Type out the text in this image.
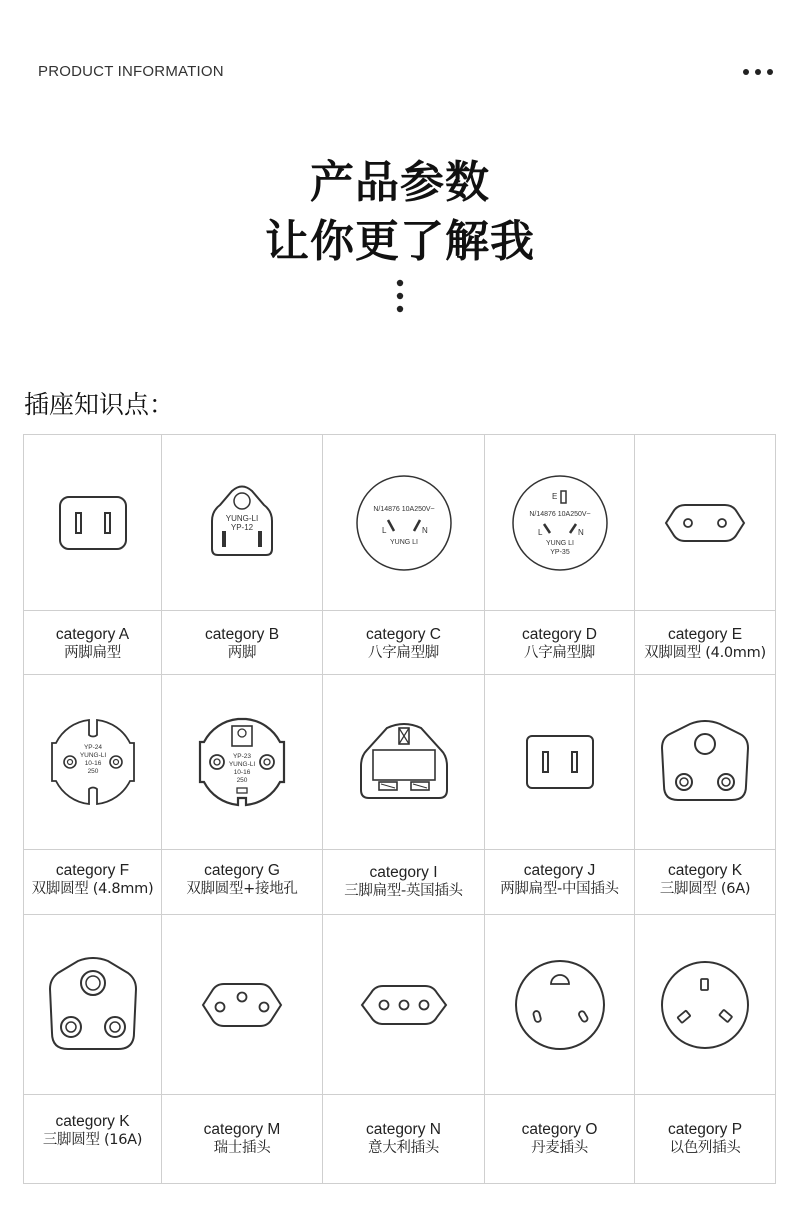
PRODUCT INFORMATION
产品参数
让你更了解我
插座知识点：
category A
两脚扁型
YUNG-LI
YP-12
category B
两脚
N/14876 10A250V~
L	N
YUNG LI
category C
八字扁型脚
E
N/14876 10A250V~
L	N
YUNG LI
YP-35
category D
八字扁型脚
category E
双脚圆型 (4.0mm)
YP-24
YUNG-LI
10-16
250
category F
双脚圆型 (4.8mm)
YP-23
YUNG-LI
10-16
250
category G
双脚圆型+接地孔
category I
三脚扁型-英国插头
category J
两脚扁型-中国插头
category K
三脚圆型 (6A)
category K
三脚圆型 (16A)
category M
瑞士插头
category N
意大利插头
category O
丹麦插头
category P
以色列插头
